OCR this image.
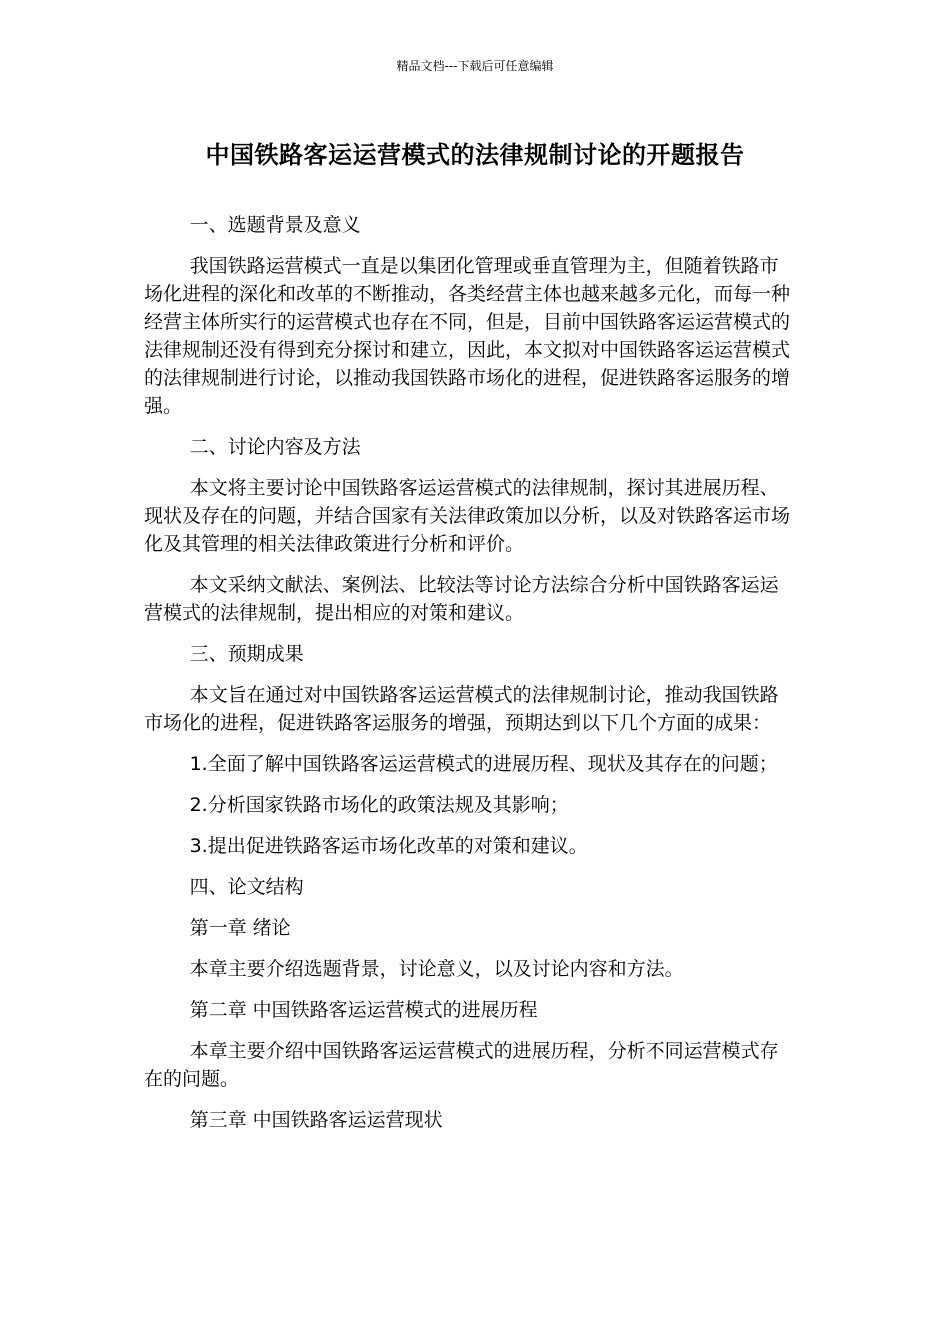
精品文档---下载后可任意编辑
中国铁路客运运营模式的法律规制讨论的开题报告

一、选题背景及意义

我国铁路运营模式一直是以集团化管理或垂直管理为主，但随着铁路市场化进程的深化和改革的不断推动，各类经营主体也越来越多元化，而每一种经营主体所实行的运营模式也存在不同，但是，目前中国铁路客运运营模式的法律规制还没有得到充分探讨和建立，因此，本文拟对中国铁路客运运营模式的法律规制进行讨论，以推动我国铁路市场化的进程，促进铁路客运服务的增强。

二、讨论内容及方法

本文将主要讨论中国铁路客运运营模式的法律规制，探讨其进展历程、现状及存在的问题，并结合国家有关法律政策加以分析，以及对铁路客运市场化及其管理的相关法律政策进行分析和评价。

本文采纳文献法、案例法、比较法等讨论方法综合分析中国铁路客运运营模式的法律规制，提出相应的对策和建议。

三、预期成果

本文旨在通过对中国铁路客运运营模式的法律规制讨论，推动我国铁路市场化的进程，促进铁路客运服务的增强，预期达到以下几个方面的成果：

1.全面了解中国铁路客运运营模式的进展历程、现状及其存在的问题；

2.分析国家铁路市场化的政策法规及其影响；

3.提出促进铁路客运市场化改革的对策和建议。

四、论文结构

第一章 绪论

本章主要介绍选题背景，讨论意义，以及讨论内容和方法。

第二章 中国铁路客运运营模式的进展历程

本章主要介绍中国铁路客运运营模式的进展历程，分析不同运营模式存在的问题。

第三章 中国铁路客运运营现状
